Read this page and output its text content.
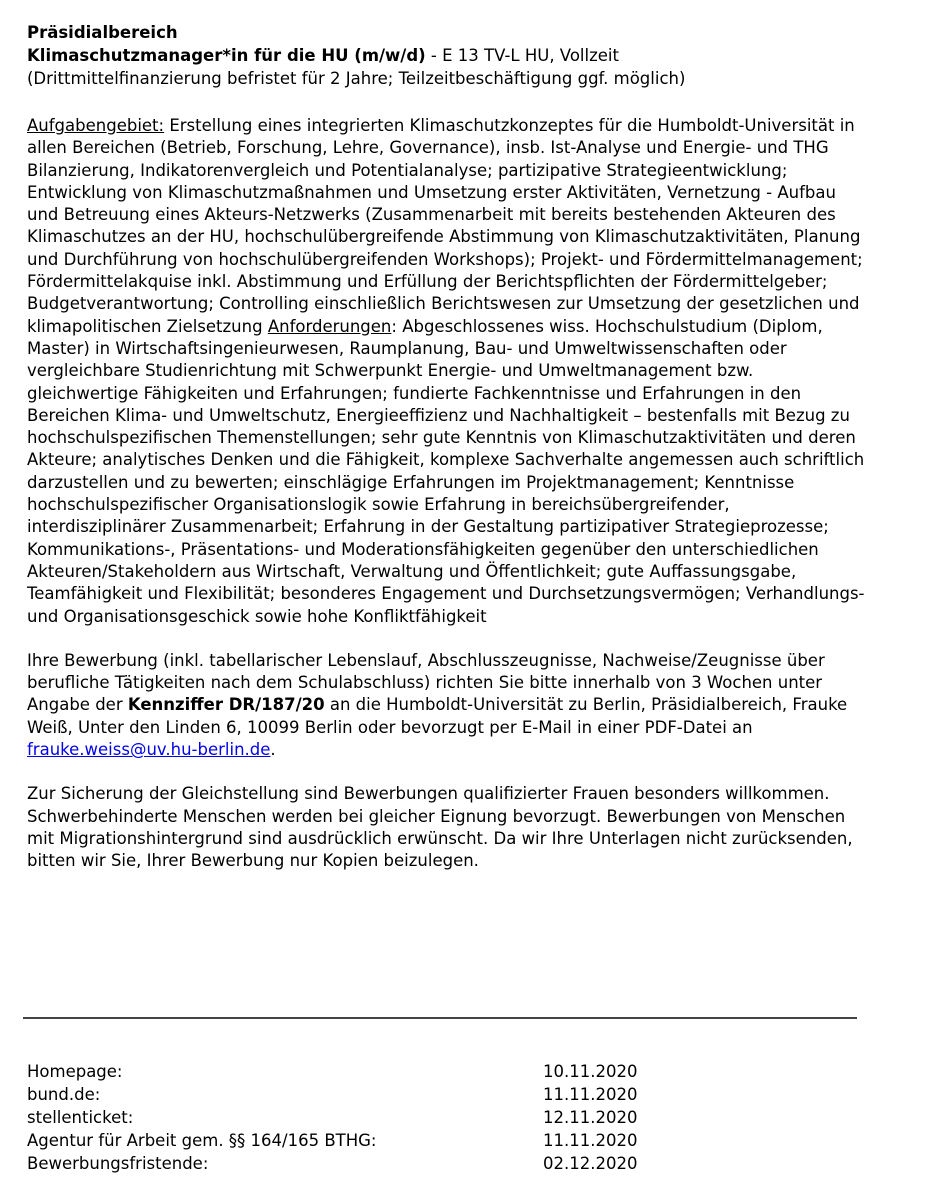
Präsidialbereich
Klimaschutzmanager*in für die HU (m/w/d) - E 13 TV-L HU, Vollzeit
(Drittmittelfinanzierung befristet für 2 Jahre; Teilzeitbeschäftigung ggf. möglich)

Aufgabengebiet: Erstellung eines integrierten Klimaschutzkonzeptes für die Humboldt-Universität in allen Bereichen (Betrieb, Forschung, Lehre, Governance), insb. Ist-Analyse und Energie- und THG Bilanzierung, Indikatorenvergleich und Potentialanalyse; partizipative Strategieentwicklung; Entwicklung von Klimaschutzmaßnahmen und Umsetzung erster Aktivitäten, Vernetzung - Aufbau und Betreuung eines Akteurs-Netzwerks (Zusammenarbeit mit bereits bestehenden Akteuren des Klimaschutzes an der HU, hochschulübergreifende Abstimmung von Klimaschutzaktivitäten, Planung und Durchführung von hochschulübergreifenden Workshops); Projekt- und Fördermittelmanagement; Fördermittelakquise inkl. Abstimmung und Erfüllung der Berichtspflichten der Fördermittelgeber; Budgetverantwortung; Controlling einschließlich Berichtswesen zur Umsetzung der gesetzlichen und klimapolitischen Zielsetzung Anforderungen: Abgeschlossenes wiss. Hochschulstudium (Diplom, Master) in Wirtschaftsingenieurwesen, Raumplanung, Bau- und Umweltwissenschaften oder vergleichbare Studienrichtung mit Schwerpunkt Energie- und Umweltmanagement bzw. gleichwertige Fähigkeiten und Erfahrungen; fundierte Fachkenntnisse und Erfahrungen in den Bereichen Klima- und Umweltschutz, Energieeffizienz und Nachhaltigkeit – bestenfalls mit Bezug zu hochschulspezifischen Themenstellungen; sehr gute Kenntnis von Klimaschutzaktivitäten und deren Akteure; analytisches Denken und die Fähigkeit, komplexe Sachverhalte angemessen auch schriftlich darzustellen und zu bewerten; einschlägige Erfahrungen im Projektmanagement; Kenntnisse hochschulspezifischer Organisationslogik sowie Erfahrung in bereichsübergreifender, interdisziplinärer Zusammenarbeit; Erfahrung in der Gestaltung partizipativer Strategieprozesse; Kommunikations-, Präsentations- und Moderationsfähigkeiten gegenüber den unterschiedlichen Akteuren/Stakeholdern aus Wirtschaft, Verwaltung und Öffentlichkeit; gute Auffassungsgabe, Teamfähigkeit und Flexibilität; besonderes Engagement und Durchsetzungsvermögen; Verhandlungs- und Organisationsgeschick sowie hohe Konfliktfähigkeit

Ihre Bewerbung (inkl. tabellarischer Lebenslauf, Abschlusszeugnisse, Nachweise/Zeugnisse über berufliche Tätigkeiten nach dem Schulabschluss) richten Sie bitte innerhalb von 3 Wochen unter Angabe der Kennziffer DR/187/20 an die Humboldt-Universität zu Berlin, Präsidialbereich, Frauke Weiß, Unter den Linden 6, 10099 Berlin oder bevorzugt per E-Mail in einer PDF-Datei an frauke.weiss@uv.hu-berlin.de.

Zur Sicherung der Gleichstellung sind Bewerbungen qualifizierter Frauen besonders willkommen. Schwerbehinderte Menschen werden bei gleicher Eignung bevorzugt. Bewerbungen von Menschen mit Migrationshintergrund sind ausdrücklich erwünscht. Da wir Ihre Unterlagen nicht zurücksenden, bitten wir Sie, Ihrer Bewerbung nur Kopien beizulegen.

Homepage:	10.11.2020
bund.de:	11.11.2020
stellenticket:	12.11.2020
Agentur für Arbeit gem. §§ 164/165 BTHG:	11.11.2020
Bewerbungsfristende:	02.12.2020
